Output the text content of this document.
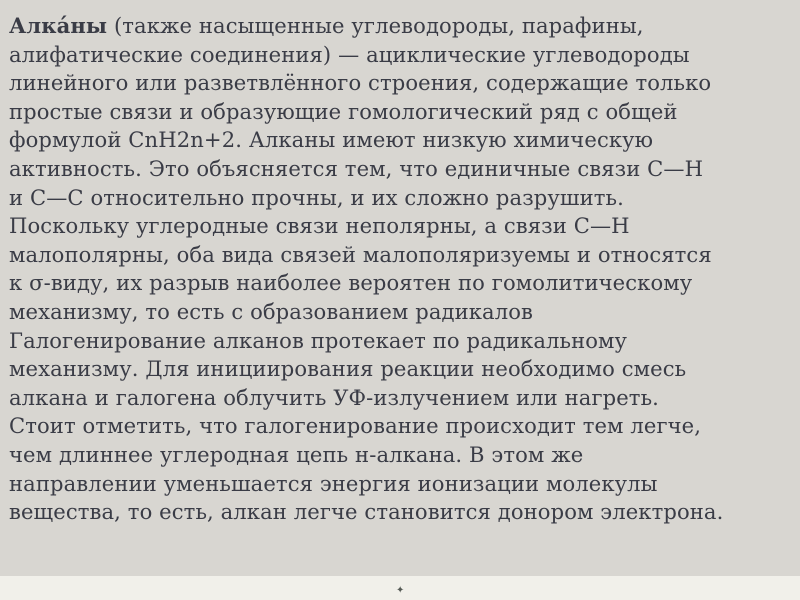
Алка́ны (также насыщенные углеводороды, парафины,
алифатические соединения) — ациклические углеводороды
линейного или разветвлённого строения, содержащие только
простые связи и образующие гомологический ряд с общей
формулой CnH2n+2. Алканы имеют низкую химическую
активность. Это объясняется тем, что единичные связи C—H
и C—C относительно прочны, и их сложно разрушить.
Поскольку углеродные связи неполярны, а связи C—H
малополярны, оба вида связей малополяризуемы и относятся
к σ-виду, их разрыв наиболее вероятен по гомолитическому
механизму, то есть с образованием радикалов
Галогенирование алканов протекает по радикальному
механизму. Для инициирования реакции необходимо смесь
алкана и галогена облучить УФ-излучением или нагреть.
Стоит отметить, что галогенирование происходит тем легче,
чем длиннее углеродная цепь н-алкана. В этом же
направлении уменьшается энергия ионизации молекулы
вещества, то есть, алкан легче становится донором электрона.
✦
